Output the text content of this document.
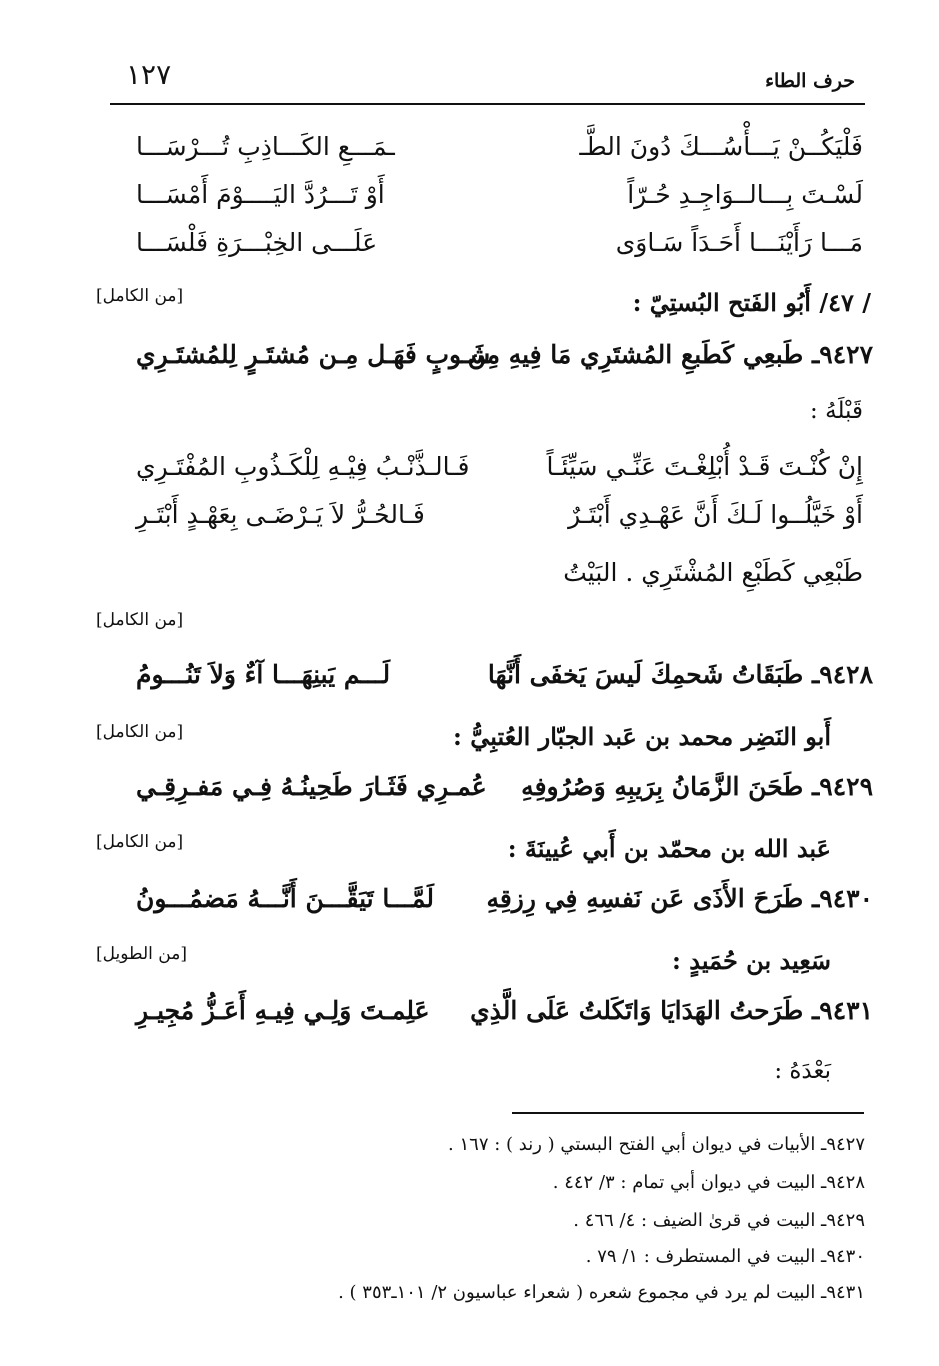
١٢٧	حرف الطاء
فَلْيَكُــنْ يَـــأْسُـــكَ دُونَ الطَّـ
ـمَـــعِ الكَـــاذِبِ تُـــرْسَـــا
لَسْـتَ بِـــالــوَاجِـدِ حُـرّاً
أَوْ تَـــرُدَّ اليَــــوْمَ أَمْسَـــا
مَـــا رَأَيْنَـــا أَحَـدَاً سَـاوَى
عَلَـــى الخِبْـــرَةِ فَلْسَـــا
/ ٤٧/ أَبُو الفَتح البُستِيّ :
[من الكامل]
٩٤٢٧ـ طَبعِي كَطَبعِ المُشتَرِي مَا فِيهِ مِن
شَـوبٍ فَهَـل مِـن مُشتَـرٍ لِلمُشتَـرِي
قَبْلَهُ :
إِنْ كُنْـتَ قَـدْ أُبْلِغْـتَ عَنِّـي سَيِّئَـاً
فَـالـذَّنْـبُ فِيْـهِ لِلْكَـذُوبِ المُفْتَـرِي
أَوْ خَيَّلُــوا لَـكَ أَنَّ عَهْـدِي أَبْتَـرٌ
فَـالحُـرُّ لاَ يَـرْضَـى بِعَهْـدٍ أَبْتَـرِ
طَبْعِي كَطَبْعِ المُشْتَرِي . البَيْتُ
[من الكامل]
٩٤٢٨ـ طَبَقَاتُ شَحمِكَ لَيسَ يَخفَى أَنَّهَا
لَـــم يَبنِهَـــا آءٌ وَلاَ تَنُـــومُ
أَبو النَضِر محمد بن عَبد الجبّار العُتبِيُّ :
[من الكامل]
٩٤٢٩ـ طَحَنَ الزَّمَانُ بِرَيبِهِ وَصُرُوفِهِ
عُمـرِي فَثَـارَ طَحِينُـهُ فِـي مَفـرِقِـي
عَبد الله بن محمّد بن أَبي عُيينَةَ :
[من الكامل]
٩٤٣٠ـ طَرَحَ الأَذَى عَن نَفسِهِ فِي رِزقِهِ
لَمَّـــا تَيَقَّـــنَ أَنَّـــهُ مَضمُـــونُ
سَعِيد بن حُمَيدٍ :
[من الطويل]
٩٤٣١ـ طَرَحتُ الهَدَايَا وَاتَكَلتُ عَلَى الَّذِي
عَلِمـتَ وَلِـي فِيـهِ أَعَـزُّ مُجِيـرِ
بَعْدَهُ :
٩٤٢٧ـ الأبيات في ديوان أبي الفتح البستي ( رند ) : ١٦٧ .
٩٤٢٨ـ البيت في ديوان أبي تمام : ٣/ ٤٤٢ .
٩٤٢٩ـ البيت في قرىٰ الضيف : ٤/ ٤٦٦ .
٩٤٣٠ـ البيت في المستطرف : ١/ ٧٩ .
٩٤٣١ـ البيت لم يرد في مجموع شعره ( شعراء عباسيون ٢/ ١٠١ـ٣٥٣ ) .
